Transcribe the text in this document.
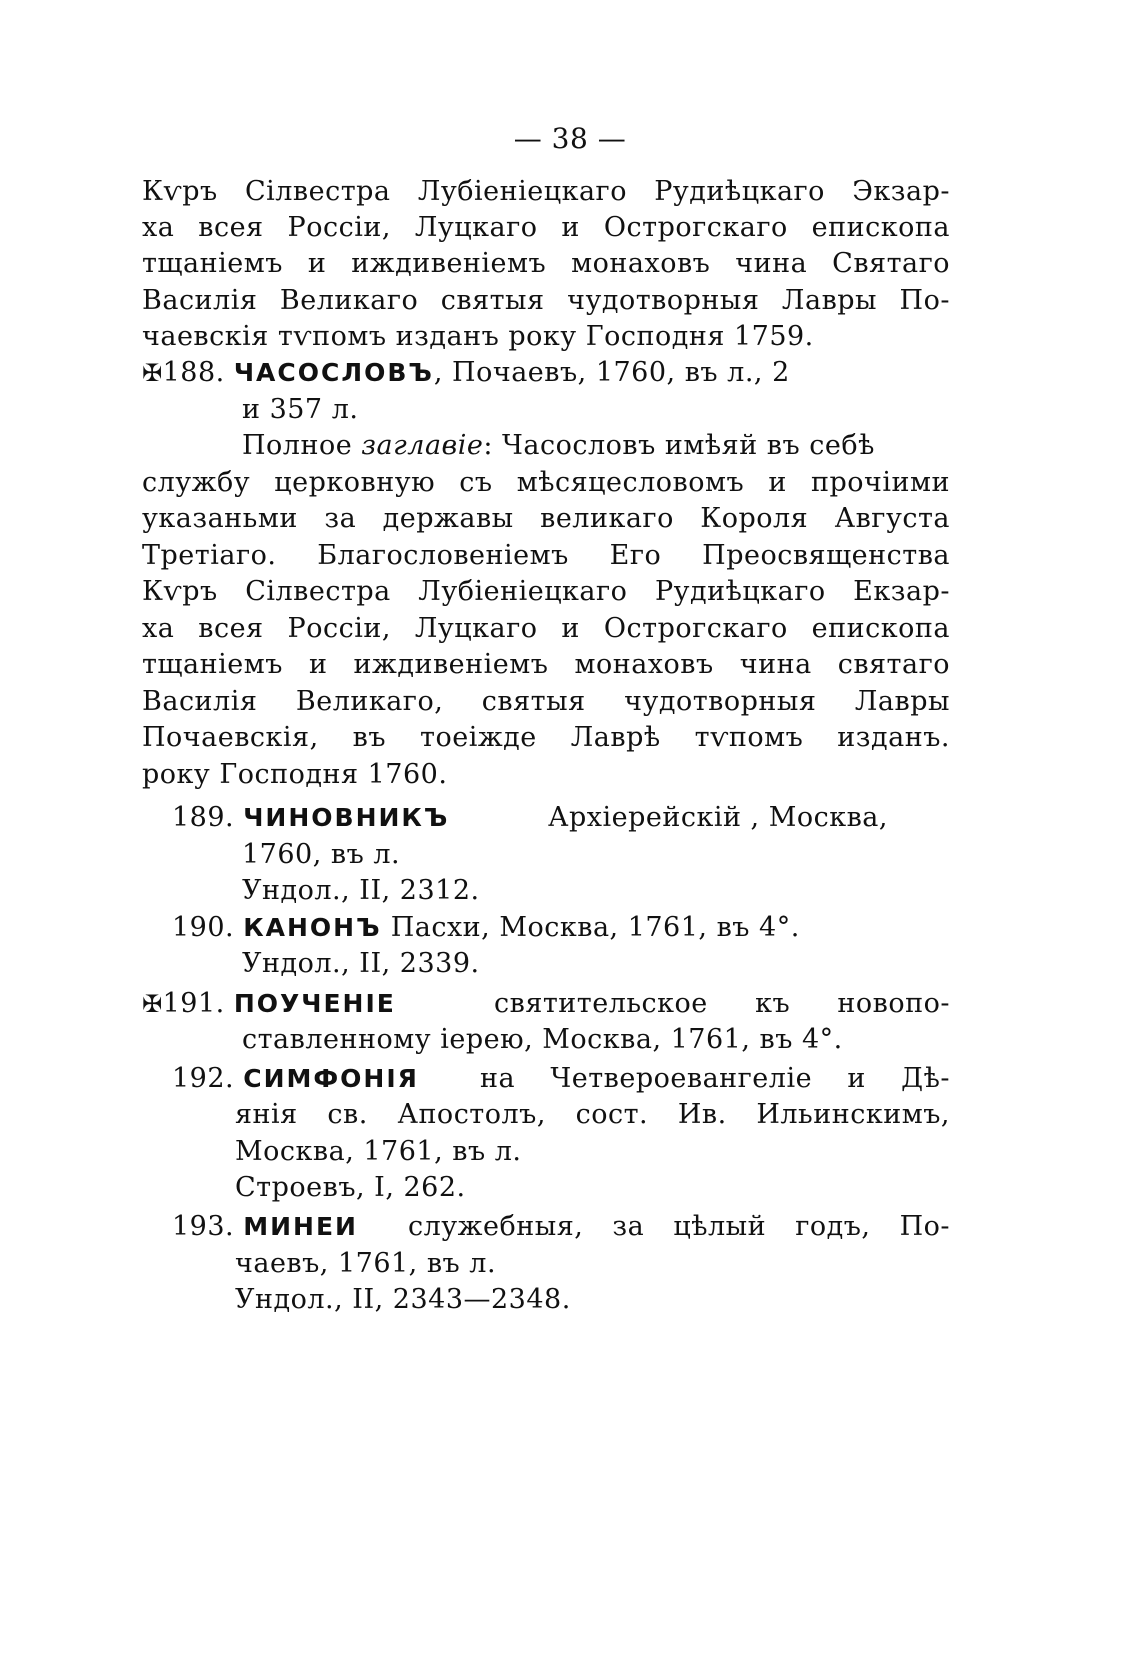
— 38 —
Кѵръ Сілвестра Лубіеніецкаго Рудиѣцкаго Экзар-
ха всея Россіи, Луцкаго и Острогскаго епископа
тщаніемъ и иждивеніемъ монаховъ чина Святаго
Василія Великаго святыя чудотворныя Лавры По-
чаевскія тѵпомъ изданъ року Господня 1759.
✠188. ЧАСОСЛОВЪ, Почаевъ, 1760, въ л., 2
и 357 л.
Полное заглавіе: Часословъ имѣяй въ себѣ
службу церковную съ мѣсяцесловомъ и прочіими
указаньми за державы великаго Короля Августа
Третіаго. Благословеніемъ Его Преосвященства
Кѵръ Сілвестра Лубіеніецкаго Рудиѣцкаго Екзар-
ха всея Россіи, Луцкаго и Острогскаго епископа
тщаніемъ и иждивеніемъ монаховъ чина святаго
Василія Великаго, святыя чудотворныя Лавры
Почаевскія, въ тоеіждe Лаврѣ тѵпомъ изданъ.
року Господня 1760.
189. ЧИНОВНИКЪ	Архіерейскій , Москва,
1760, въ л.
Ундол., II, 2312.
190. КАНОНЪ Пасхи, Москва, 1761, въ 4°.
Ундол., II, 2339.
✠191. ПОУЧЕНІЕ	святительское къ новопо-
ставленному іерею, Москва, 1761, въ 4°.
192. СИМФОНІЯ на Четвероевангеліе и Дѣ-
янія св. Апостолъ, сост. Ив. Ильинскимъ,
Москва, 1761, въ л.
Строевъ, I, 262.
193. МИНЕИ служебныя, за цѣлый годъ, По-
чаевъ, 1761, въ л.
Ундол., II, 2343—2348.
